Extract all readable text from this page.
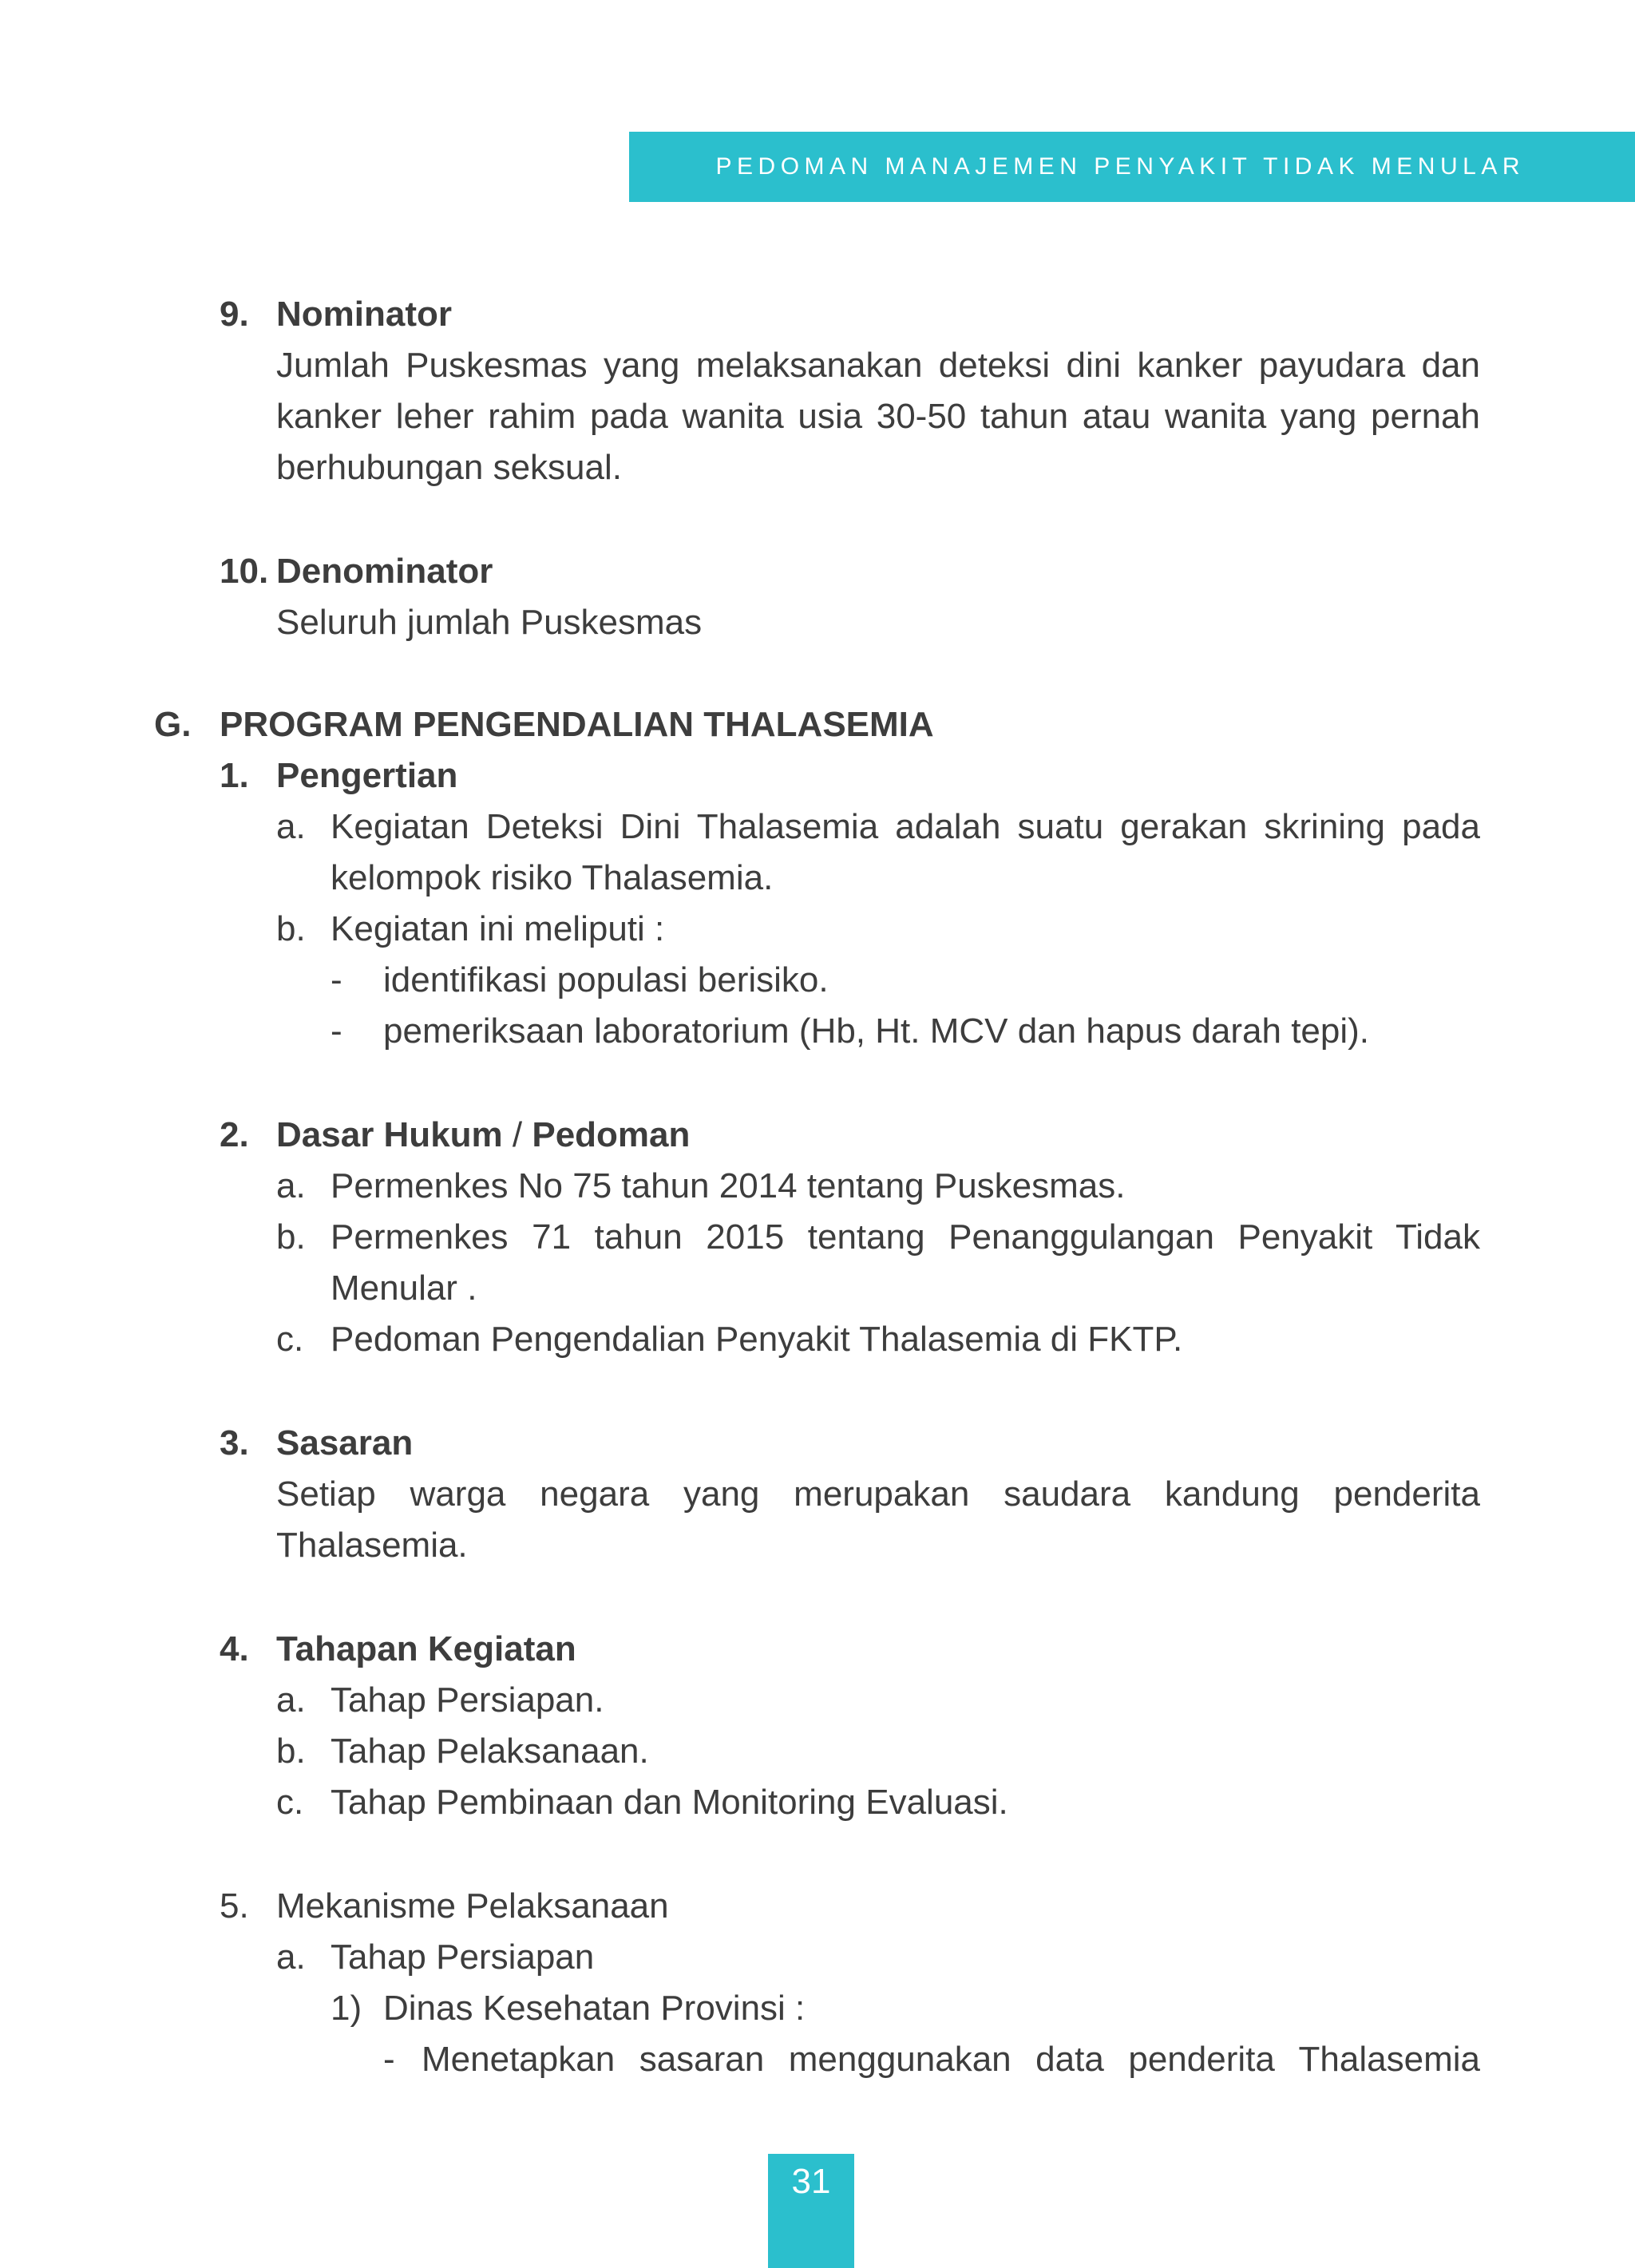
PEDOMAN MANAJEMEN PENYAKIT TIDAK MENULAR
9. Nominator
Jumlah Puskesmas yang melaksanakan deteksi dini kanker payudara dan
kanker leher rahim pada wanita usia 30-50 tahun atau wanita yang pernah
berhubungan seksual.
10. Denominator
Seluruh jumlah Puskesmas
G. PROGRAM PENGENDALIAN THALASEMIA
1. Pengertian
a. Kegiatan Deteksi Dini Thalasemia adalah suatu gerakan skrining pada
kelompok risiko Thalasemia.
b. Kegiatan ini meliputi :
- identifikasi populasi berisiko.
- pemeriksaan laboratorium (Hb, Ht. MCV dan hapus darah tepi).
2. Dasar Hukum / Pedoman
a. Permenkes No 75 tahun 2014 tentang Puskesmas.
b. Permenkes 71 tahun 2015 tentang Penanggulangan Penyakit Tidak
Menular .
c. Pedoman Pengendalian Penyakit Thalasemia di FKTP.
3. Sasaran
Setiap warga negara yang merupakan saudara kandung penderita
Thalasemia.
4. Tahapan Kegiatan
a. Tahap Persiapan.
b. Tahap Pelaksanaan.
c. Tahap Pembinaan dan Monitoring Evaluasi.
5. Mekanisme Pelaksanaan
a. Tahap Persiapan
1) Dinas Kesehatan Provinsi :
- Menetapkan sasaran menggunakan data penderita Thalasemia
31
